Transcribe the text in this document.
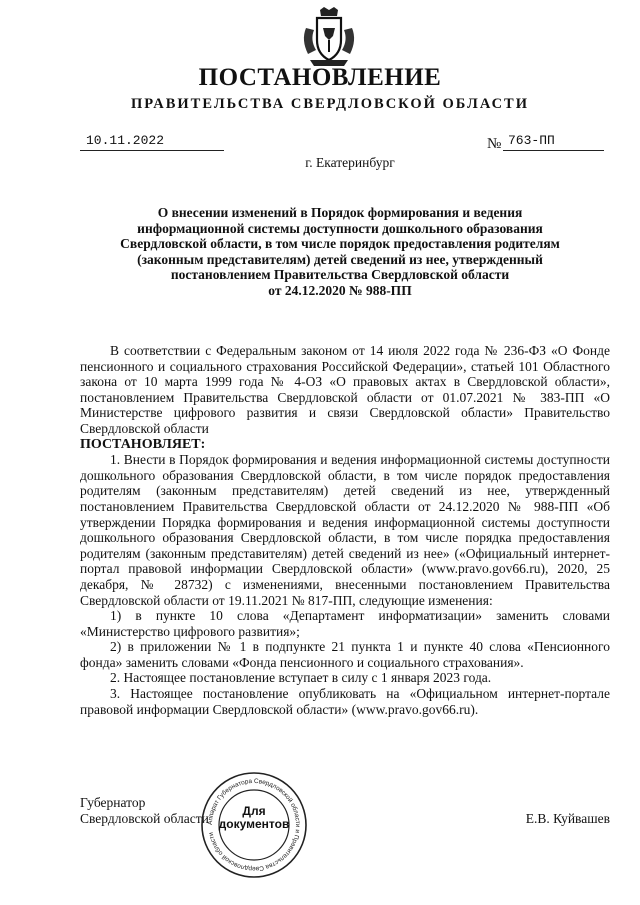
ПОСТАНОВЛЕНИЕ
ПРАВИТЕЛЬСТВА СВЕРДЛОВСКОЙ ОБЛАСТИ
10.11.2022	№ 763-ПП
г. Екатеринбург
О внесении изменений в Порядок формирования и ведения
информационной системы доступности дошкольного образования
Свердловской области, в том числе порядок предоставления родителям
(законным представителям) детей сведений из нее, утвержденный
постановлением Правительства Свердловской области
от 24.12.2020 № 988-ПП

В соответствии с Федеральным законом от 14 июля 2022 года № 236-ФЗ «О Фонде пенсионного и социального страхования Российской Федерации», статьей 101 Областного закона от 10 марта 1999 года № 4-ОЗ «О правовых актах в Свердловской области», постановлением Правительства Свердловской области от 01.07.2021 № 383-ПП «О Министерстве цифрового развития и связи Свердловской области» Правительство Свердловской области

ПОСТАНОВЛЯЕТ:

1. Внести в Порядок формирования и ведения информационной системы доступности дошкольного образования Свердловской области, в том числе порядок предоставления родителям (законным представителям) детей сведений из нее, утвержденный постановлением Правительства Свердловской области от 24.12.2020 № 988-ПП «Об утверждении Порядка формирования и ведения информационной системы доступности дошкольного образования Свердловской области, в том числе порядка предоставления родителям (законным представителям) детей сведений из нее» («Официальный интернет-портал правовой информации Свердловской области» (www.pravo.gov66.ru), 2020, 25 декабря, № 28732) с изменениями, внесенными постановлением Правительства Свердловской области от 19.11.2021 № 817-ПП, следующие изменения:

1) в пункте 10 слова «Департамент информатизации» заменить словами «Министерство цифрового развития»;

2) в приложении № 1 в подпункте 21 пункта 1 и пункте 40 слова «Пенсионного фонда» заменить словами «Фонда пенсионного и социального страхования».

2. Настоящее постановление вступает в силу с 1 января 2023 года.

3. Настоящее постановление опубликовать на «Официальном интернет-портале правовой информации Свердловской области» (www.pravo.gov66.ru).

Губернатор
Свердловской области	Е.В. Куйвашев
Аппарат Губернатора Свердловской области и Правительства Свердловской области
Для
документов
